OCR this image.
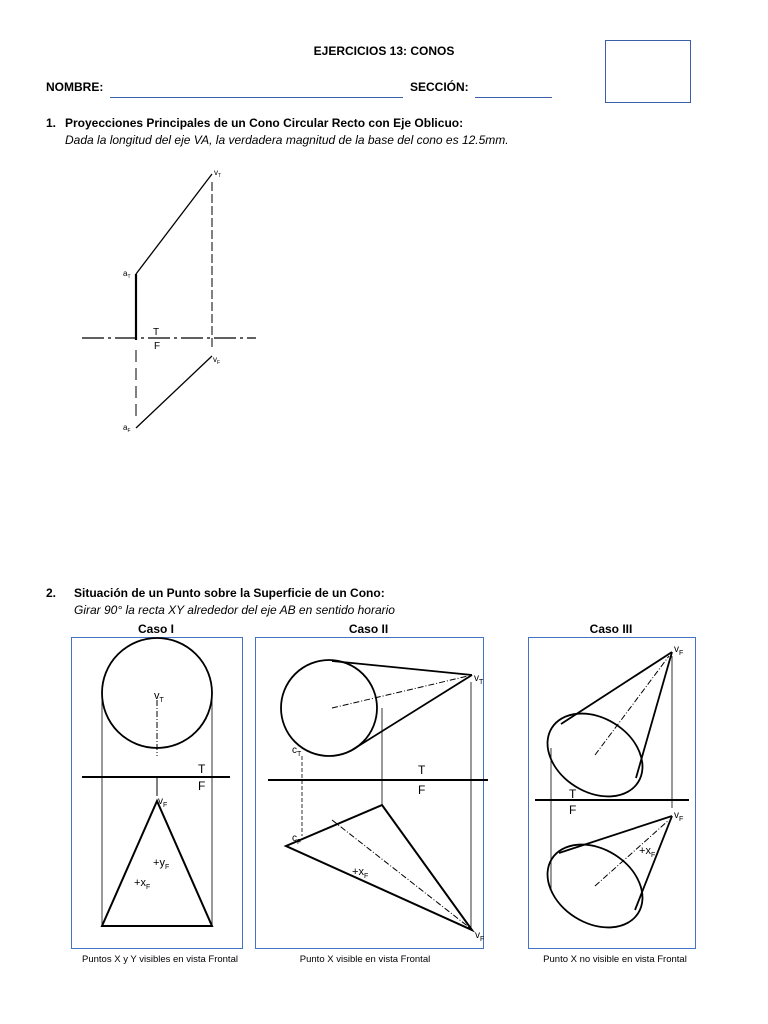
EJERCICIOS 13: CONOS
NOMBRE:	SECCIÓN:
1. Proyecciones Principales de un Cono Circular Recto con Eje Oblicuo:
Dada la longitud del eje VA, la verdadera magnitud de la base del cono es 12.5mm.
$v_T$
$a_T$
$v_F$
$a_F$
T
F
2. Situación de un Punto sobre la Superficie de un Cono:
Girar 90° la recta XY alrededor del eje AB en sentido horario
Caso I	Caso II	Caso III
$v_T$
T
F
$v_F$
$+y_F$
$+x_F$
$v_T$
$c_T$
T
F
$c_F$
$+x_F$
$v_F$
$v_F$
T
F	$v_F$
$+x_F$
Puntos X y Y visibles en vista Frontal	Punto X visible en vista Frontal	Punto X no visible en vista Frontal
